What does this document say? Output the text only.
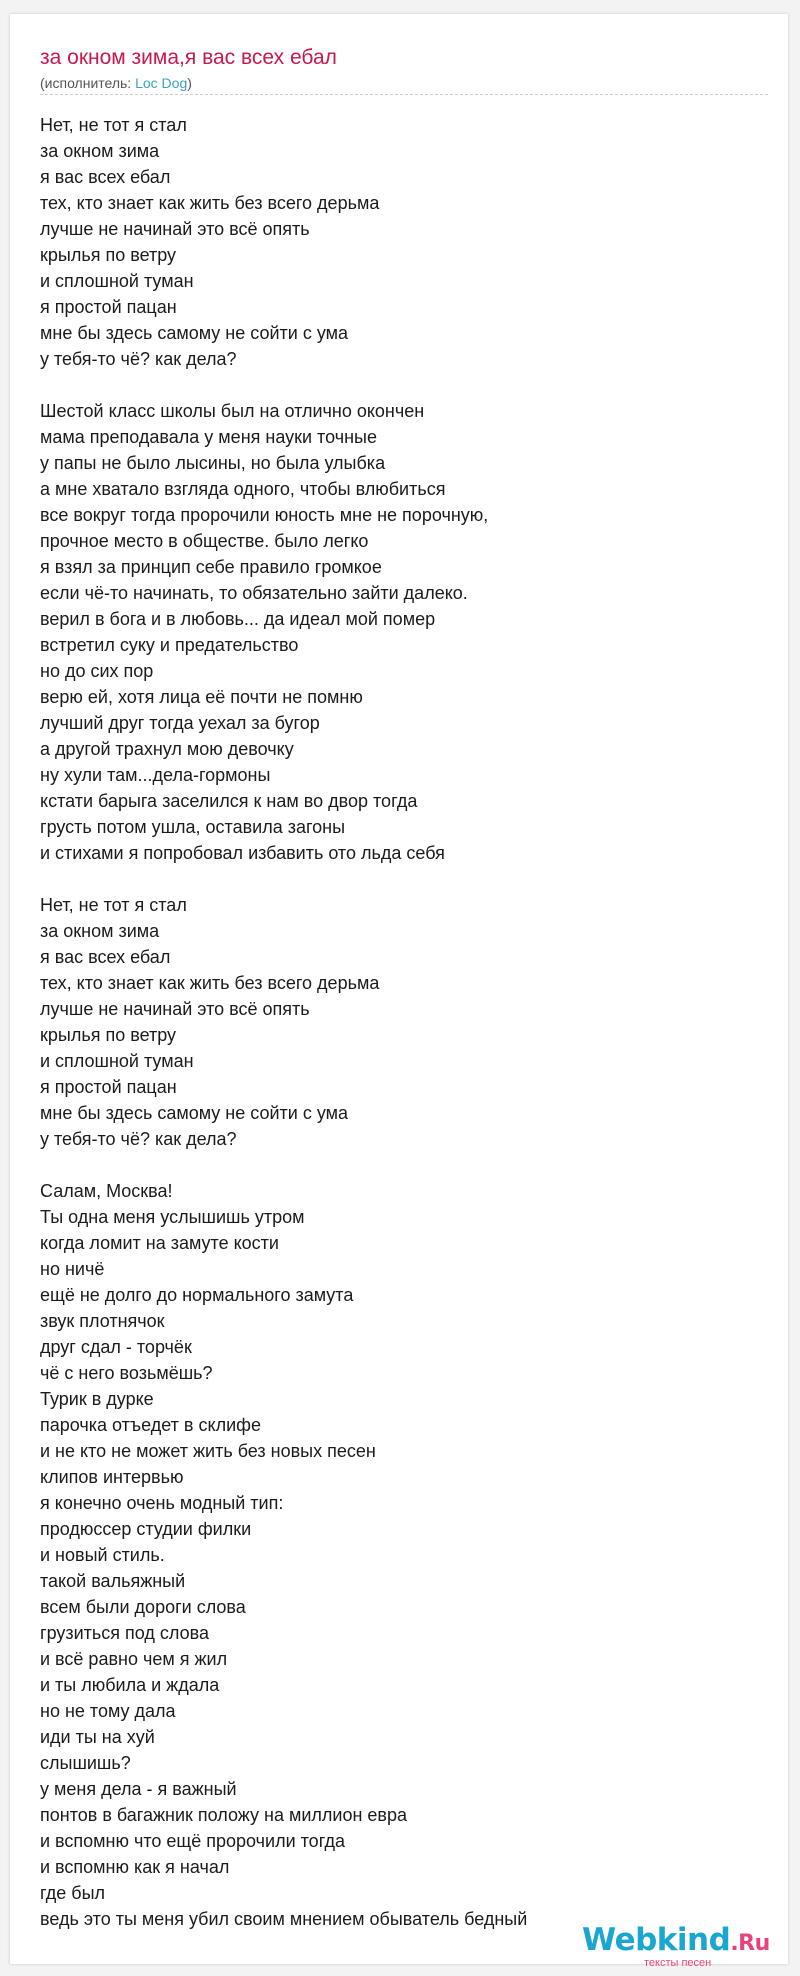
за окном зима,я вас всех ебал
(исполнитель: Loc Dog)
Нет, не тот я стал
за окном зима
я вас всех ебал
тех, кто знает как жить без всего дерьма
лучше не начинай это всё опять
крылья по ветру
и сплошной туман
я простой пацан
мне бы здесь самому не сойти с ума
у тебя-то чё? как дела?
Шестой класс школы был на отлично окончен
мама преподавала у меня науки точные
у папы не было лысины, но была улыбка
а мне хватало взгляда одного, чтобы влюбиться
все вокруг тогда пророчили юность мне не порочную,
прочное место в обществе. было легко
я взял за принцип себе правило громкое
если чё-то начинать, то обязательно зайти далеко.
верил в бога и в любовь... да идеал мой помер
встретил суку и предательство
но до сих пор
верю ей, хотя лица её почти не помню
лучший друг тогда уехал за бугор
а другой трахнул мою девочку
ну хули там...дела-гормоны
кстати барыга заселился к нам во двор тогда
грусть потом ушла, оставила загоны
и стихами я попробовал избавить ото льда себя
Нет, не тот я стал
за окном зима
я вас всех ебал
тех, кто знает как жить без всего дерьма
лучше не начинай это всё опять
крылья по ветру
и сплошной туман
я простой пацан
мне бы здесь самому не сойти с ума
у тебя-то чё? как дела?
Салам, Москва!
Ты одна меня услышишь утром
когда ломит на замуте кости
но ничё
ещё не долго до нормального замута
звук плотнячок
друг сдал - торчёк
чё с него возьмёшь?
Турик в дурке
парочка отъедет в склифе
и не кто не может жить без новых песен
клипов интервью
я конечно очень модный тип:
продюссер студии филки
и новый стиль.
такой вальяжный
всем были дороги слова
грузиться под слова
и всё равно чем я жил
и ты любила и ждала
но не тому дала
иди ты на хуй
слышишь?
у меня дела - я важный
понтов в багажник положу на миллион евра
и вспомню что ещё пророчили тогда
и вспомню как я начал
где был
ведь это ты меня убил своим мнением обыватель бедный
Webkind.Ru
тексты песен
